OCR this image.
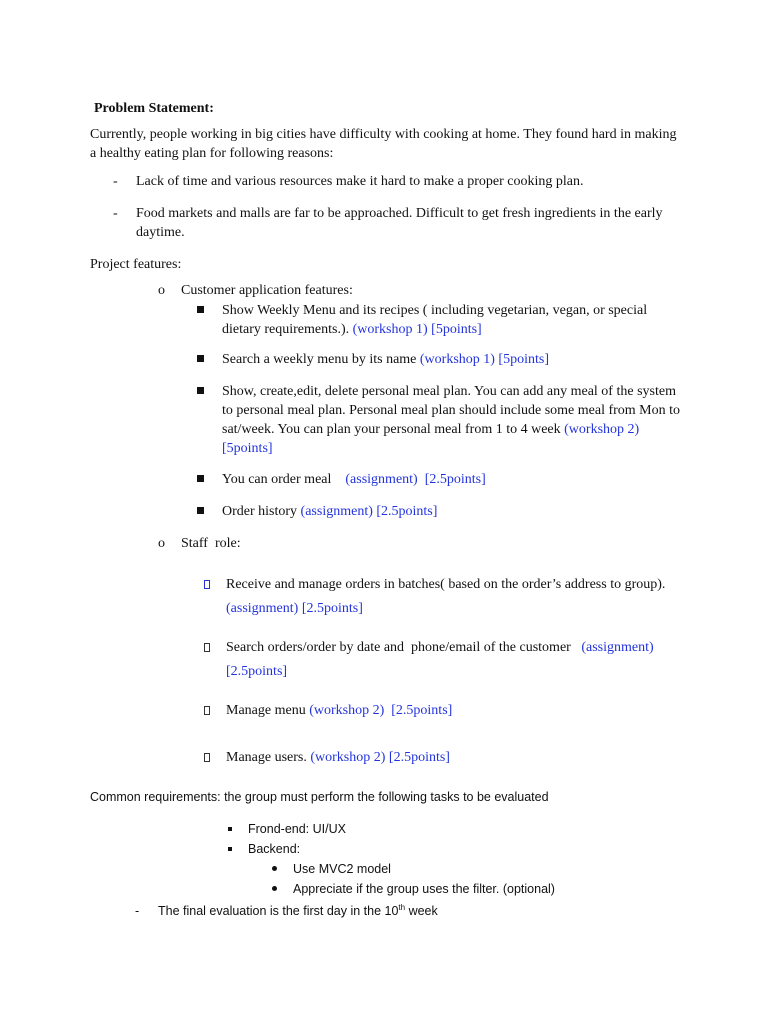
Problem Statement:
Currently, people working in big cities have difficulty with cooking at home. They found hard in making
a healthy eating plan for following reasons:
- Lack of time and various resources make it hard to make a proper cooking plan.
- Food markets and malls are far to be approached. Difficult to get fresh ingredients in the early
daytime.
Project features:
o Customer application features:
Show Weekly Menu and its recipes ( including vegetarian, vegan, or special
dietary requirements.). (workshop 1) [5points]
Search a weekly menu by its name (workshop 1) [5points]
Show, create,edit, delete personal meal plan. You can add any meal of the system
to personal meal plan. Personal meal plan should include some meal from Mon to
sat/week. You can plan your personal meal from 1 to 4 week (workshop 2)
[5points]
You can order meal    (assignment)  [2.5points]
Order history (assignment) [2.5points]
o Staff  role:
Receive and manage orders in batches( based on the order’s address to group).
(assignment) [2.5points]
Search orders/order by date and  phone/email of the customer   (assignment)
[2.5points]
Manage menu (workshop 2)  [2.5points]
Manage users. (workshop 2) [2.5points]
Common requirements: the group must perform the following tasks to be evaluated
Frond-end: UI/UX
Backend:
Use MVC2 model
Appreciate if the group uses the filter. (optional)
- The final evaluation is the first day in the 10th week
